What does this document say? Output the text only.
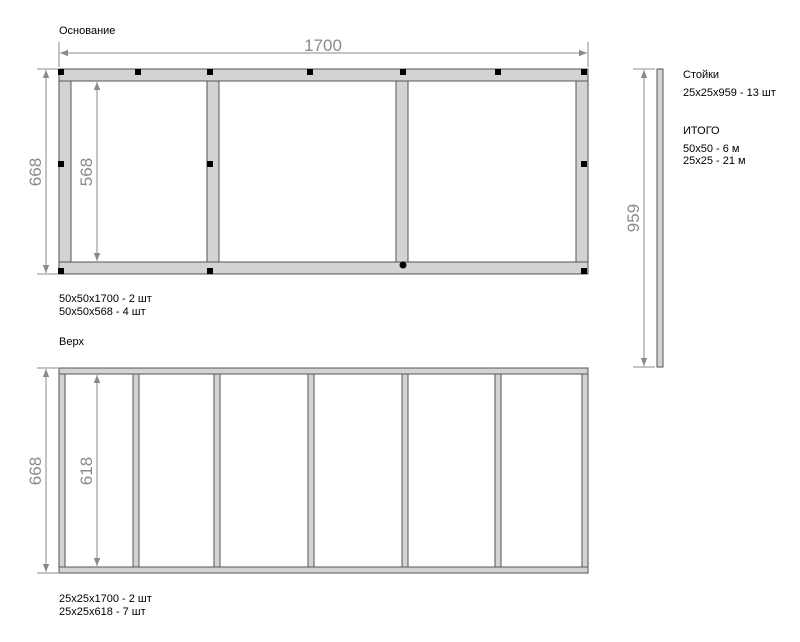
Основание
50x50x1700 - 2 шт
50x50x568 - 4 шт
Верх
25x25x1700 - 2 шт
25x25x618 - 7 шт
Стойки
25x25x959 - 13 шт
ИТОГО
50x50 - 6 м
25x25 - 21 м
1700
668 568
959
668 618
